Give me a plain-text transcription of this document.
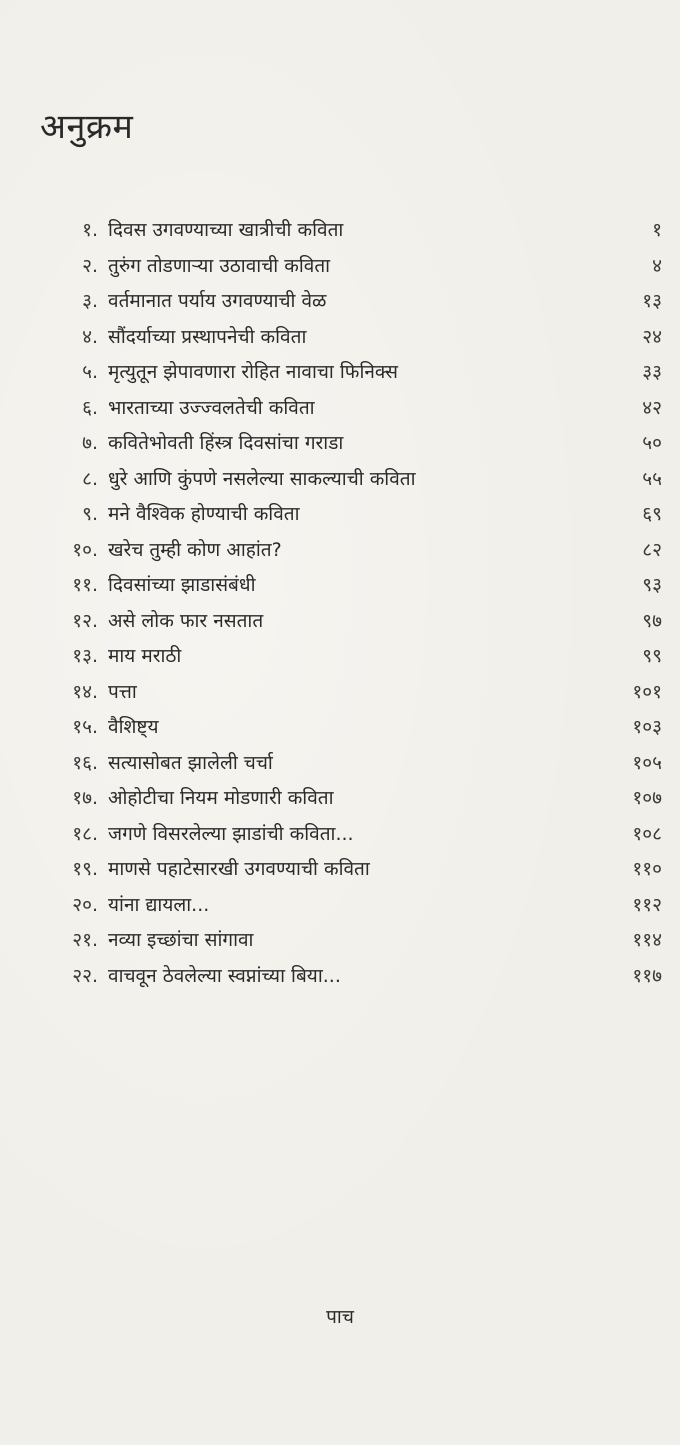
अनुक्रम
१. दिवस उगवण्याच्या खात्रीची कविता	१
२. तुरुंग तोडणाऱ्या उठावाची कविता	४
३. वर्तमानात पर्याय उगवण्याची वेळ	१३
४. सौंदर्याच्या प्रस्थापनेची कविता	२४
५. मृत्युतून झेपावणारा रोहित नावाचा फिनिक्स	३३
६. भारताच्या उज्ज्वलतेची कविता	४२
७. कवितेभोवती हिंस्त्र दिवसांचा गराडा	५०
८. धुरे आणि कुंपणे नसलेल्या साकल्याची कविता	५५
९. मने वैश्विक होण्याची कविता	६९
१०. खरेच तुम्ही कोण आहांत?	८२
११. दिवसांच्या झाडासंबंधी	९३
१२. असे लोक फार नसतात	९७
१३. माय मराठी	९९
१४. पत्ता	१०१
१५. वैशिष्ट्य	१०३
१६. सत्यासोबत झालेली चर्चा	१०५
१७. ओहोटीचा नियम मोडणारी कविता	१०७
१८. जगणे विसरलेल्या झाडांची कविता...	१०८
१९. माणसे पहाटेसारखी उगवण्याची कविता	११०
२०. यांना द्यायला...	११२
२१. नव्या इच्छांचा सांगावा	११४
२२. वाचवून ठेवलेल्या स्वप्नांच्या बिया...	११७
पाच
